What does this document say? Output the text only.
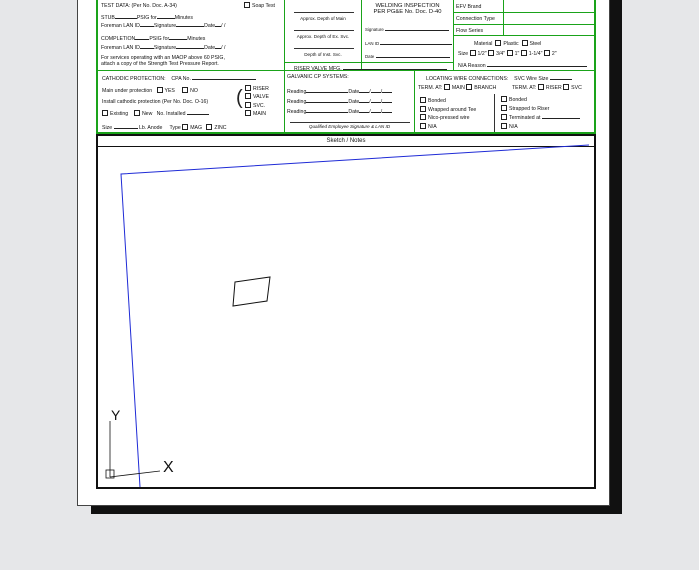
TEST DATA: (Per No. Doc. A-34)	Soap Test
STUB	PSIG for	Minutes
Foreman LAN ID	Signature	Date / /
COMPLETION	PSIG for	Minutes
Foreman LAN ID	Signature	Date / /
For services operating with an MAOP above 60 PSIG,
attach a copy of the Strength Test Pressure Report.
Approx. Depth of Main
Approx. Depth of Ex. Svc.
Depth of Inst. Svc.
RISER VALVE MFG.
WELDING INSPECTION
PER PG&E No. Doc. D-40
Signature
LAN ID
Date
EFV Brand
Connection Type
Flow Series
Material Plastic Steel
Size 1/2" 3/4" 1" 1-1/4" 2"
N/A Reason
CATHODIC PROTECTION: CPA No.
Main under protection YES	NO
Install cathodic protection (Per No. Doc. O-16)
Existing	New No. Installed
Size	Lb. Anode Type MAG ZINC
(	RISER
VALVE
SVC.
MAIN
GALVANIC CP SYSTEMS:
Reading	Date / /
Reading	Date / /
Reading	Date / /
Qualified Employee Signature & LAN ID
LOCATING WIRE CONNECTIONS: SVC Wire Size
TERM. AT: MAIN BRANCH	TERM. AT: RISER SVC
Bonded
Wrapped around Tee
Nico-pressed wire
N/A
Bonded
Strapped to Riser
Terminated at
N/A
Sketch / Notes
Y
X
